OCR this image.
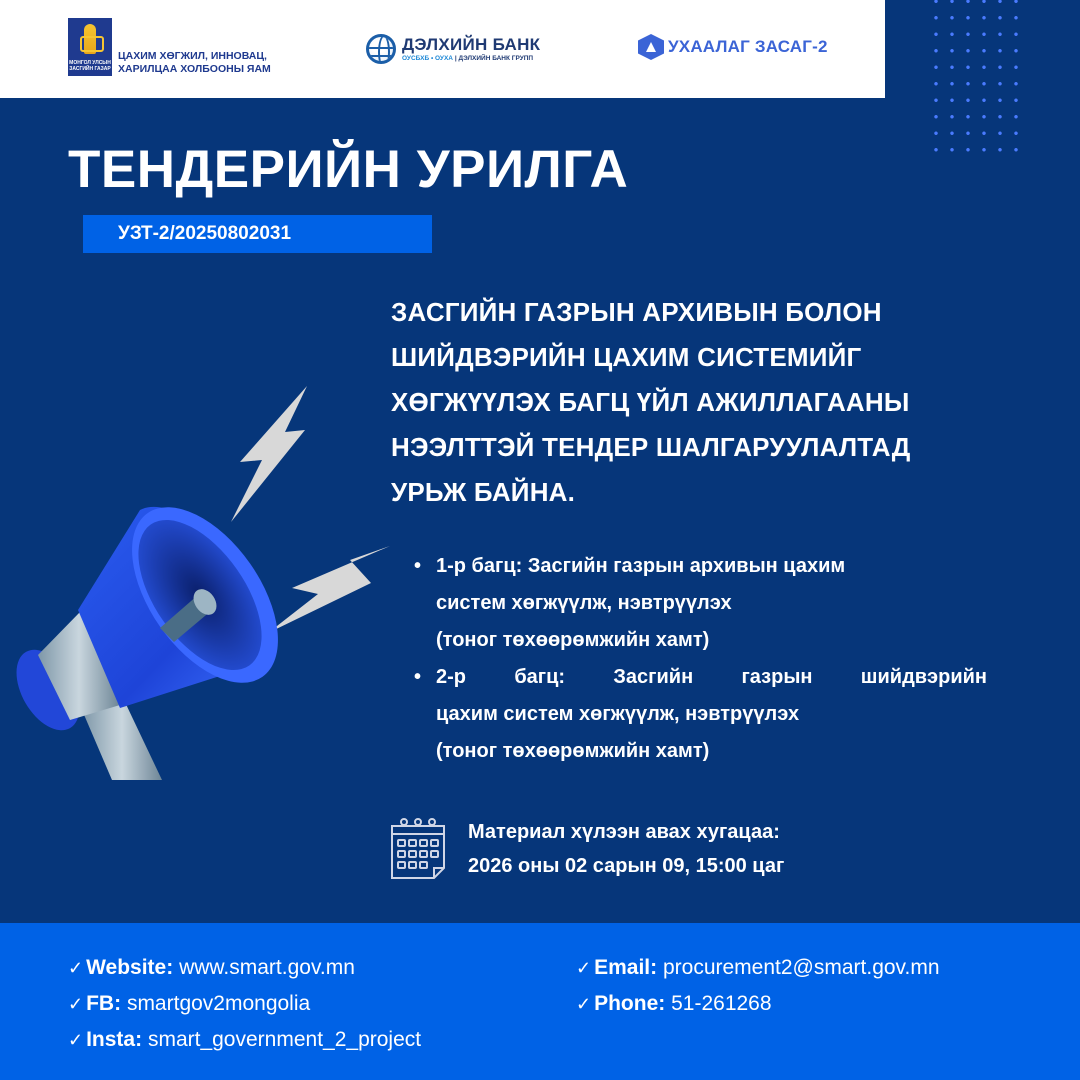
МОНГОЛ УЛСЫН
ЗАСГИЙН ГАЗАР
ЦАХИМ ХӨГЖИЛ, ИННОВАЦ,
ХАРИЛЦАА ХОЛБООНЫ ЯАМ
ДЭЛХИЙН БАНК
ОУСБХБ • ОУХА | ДЭЛХИЙН БАНК ГРУПП
УХААЛАГ ЗАСАГ-2
ТЕНДЕРИЙН УРИЛГА
УЗТ-2/20250802031
ЗАСГИЙН ГАЗРЫН АРХИВЫН БОЛОН
ШИЙДВЭРИЙН ЦАХИМ СИСТЕМИЙГ
ХӨГЖҮҮЛЭХ БАГЦ ҮЙЛ АЖИЛЛАГААНЫ
НЭЭЛТТЭЙ ТЕНДЕР ШАЛГАРУУЛАЛТАД
УРЬЖ БАЙНА.
• 1-р багц: Засгийн газрын архивын цахим
систем хөгжүүлж, нэвтрүүлэх
(тоног төхөөрөмжийн хамт)
• 2-р багц: Засгийн газрын шийдвэрийн
цахим систем хөгжүүлж, нэвтрүүлэх
(тоног төхөөрөмжийн хамт)
Материал хүлээн авах хугацаа:
2026 оны 02 сарын 09, 15:00 цаг
✓ Website: www.smart.gov.mn
✓ FB: smartgov2mongolia
✓ Insta: smart_government_2_project
✓ Email: procurement2@smart.gov.mn
✓ Phone: 51-261268
